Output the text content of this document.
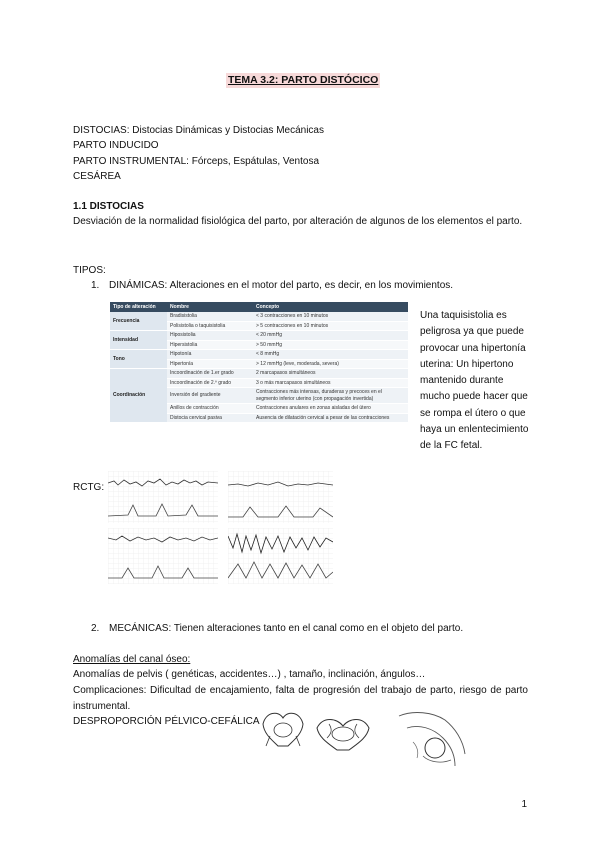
TEMA 3.2: PARTO DISTÓCICO
DISTOCIAS: Distocias Dinámicas y Distocias Mecánicas
PARTO INDUCIDO
PARTO INSTRUMENTAL: Fórceps, Espátulas, Ventosa
CESÁREA
1.1 DISTOCIAS
Desviación de la normalidad fisiológica del parto, por alteración de algunos de los elementos el parto.
TIPOS:
1. DINÁMICAS: Alteraciones en el motor del parto, es decir, en los movimientos.
Tipo de alteración	Nombre	Concepto
Frecuencia	Bradisistolia	< 3 contracciones en 10 minutos
	Polisistolia o taquisistolia	> 5 contracciones en 10 minutos
Intensidad	Hiposistolia	< 20 mmHg
	Hipersistolia	> 50 mmHg
Tono	Hipotonía	< 8 mmHg
	Hipertonía	> 12 mmHg (leve, moderada, severa)
Coordinación	Incoordinación de 1.er grado	2 marcapasos simultáneos
	Incoordinación de 2.º grado	3 o más marcapasos simultáneos
	Inversión del gradiente	Contracciones más intensas, duraderas y precoces en el segmento inferior uterino (con propagación invertida)
	Anillos de contracción	Contracciones anulares en zonas aisladas del útero
	Distocia cervical pasiva	Ausencia de dilatación cervical a pesar de las contracciones
Una taquisistolia es peligrosa ya que puede provocar una hipertonía uterina: Un hipertono mantenido durante mucho puede hacer que se rompa el útero o que haya un enlentecimiento de la FC fetal.
RCTG:
2. MECÁNICAS: Tienen alteraciones tanto en el canal como en el objeto del parto.
Anomalías del canal óseo:
Anomalías de pelvis ( genéticas, accidentes…) , tamaño, inclinación, ángulos…
Complicaciones: Dificultad de encajamiento, falta de progresión del trabajo de parto, riesgo de parto instrumental.
DESPROPORCIÓN PÉLVICO-CEFÁLICA
1
